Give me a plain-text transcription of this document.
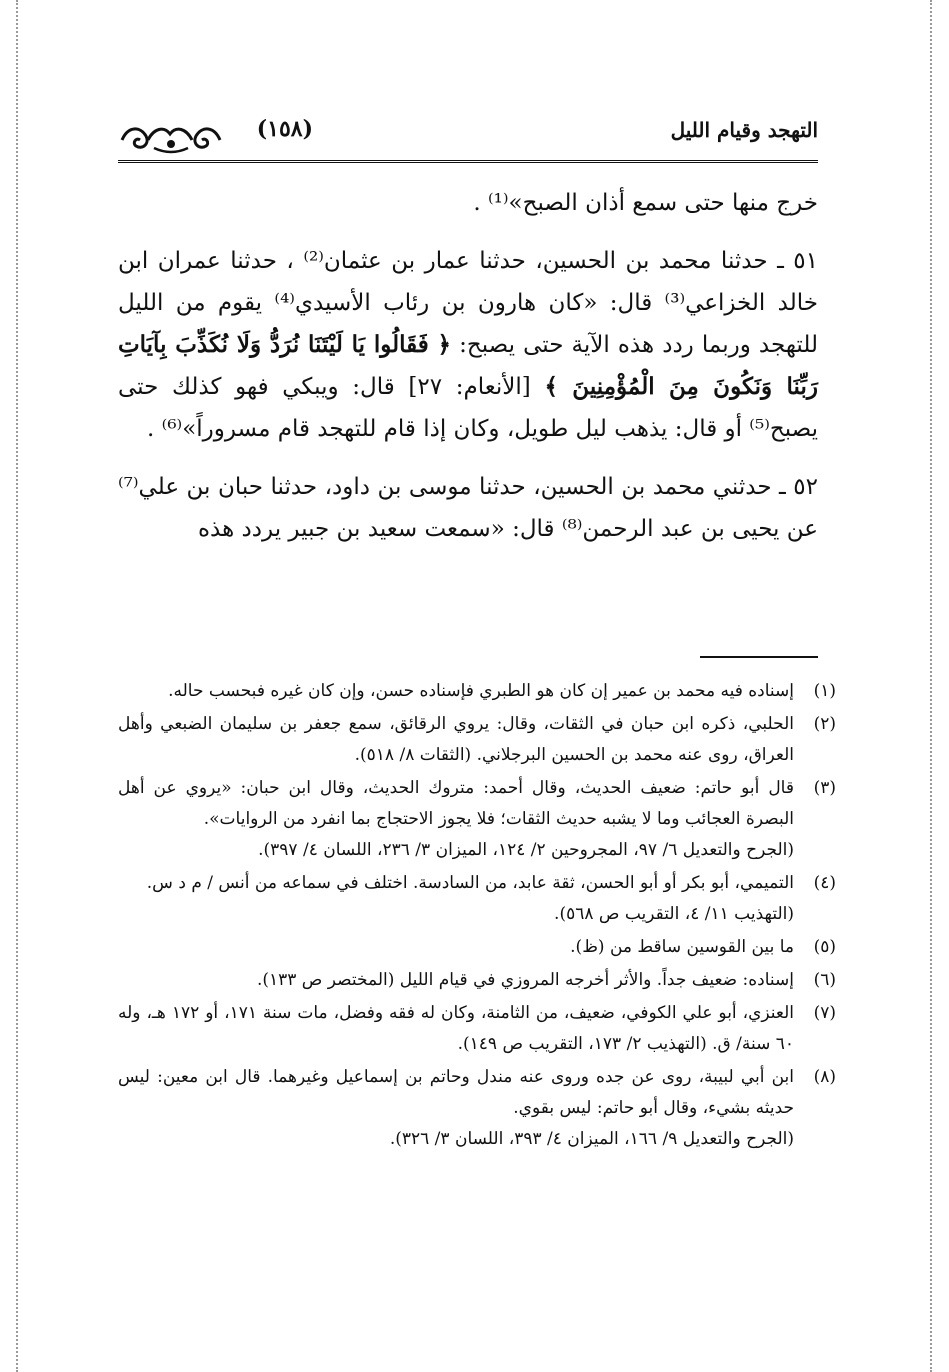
التهجد وقيام الليل
(١٥٨)

خرج منها حتى سمع أذان الصبح»⁽¹⁾ .

٥١ ـ حدثنا محمد بن الحسين، حدثنا عمار بن عثمان⁽²⁾ ، حدثنا عمران ابن خالد الخزاعي⁽³⁾ قال: «كان هارون بن رئاب الأسيدي⁽⁴⁾ يقوم من الليل للتهجد وربما ردد هذه الآية حتى يصبح: ﴿ فَقَالُوا يَا لَيْتَنَا نُرَدُّ وَلَا نُكَذِّبَ بِآيَاتِ رَبِّنَا وَنَكُونَ مِنَ الْمُؤْمِنِينَ ﴾ [الأنعام: ٢٧] قال: ويبكي فهو كذلك حتى يصبح⁽⁵⁾ أو قال: يذهب ليل طويل، وكان إذا قام للتهجد قام مسروراً»⁽⁶⁾ .

٥٢ ـ حدثني محمد بن الحسين، حدثنا موسى بن داود، حدثنا حبان بن علي⁽⁷⁾ عن يحيى بن عبد الرحمن⁽⁸⁾ قال: «سمعت سعيد بن جبير يردد هذه

(١)
إسناده فيه محمد بن عمير إن كان هو الطبري فإسناده حسن، وإن كان غيره فبحسب حاله.
(٢)
الحلبي، ذكره ابن حبان في الثقات، وقال: يروي الرقائق، سمع جعفر بن سليمان الضبعي وأهل العراق، روى عنه محمد بن الحسين البرجلاني. (الثقات ٨/ ٥١٨).
(٣)
قال أبو حاتم: ضعيف الحديث، وقال أحمد: متروك الحديث، وقال ابن حبان: «يروي عن أهل البصرة العجائب وما لا يشبه حديث الثقات؛ فلا يجوز الاحتجاج بما انفرد من الروايات».
(الجرح والتعديل ٦/ ٩٧، المجروحين ٢/ ١٢٤، الميزان ٣/ ٢٣٦، اللسان ٤/ ٣٩٧).
(٤)
التميمي، أبو بكر أو أبو الحسن، ثقة عابد، من السادسة. اختلف في سماعه من أنس / م د س.
(التهذيب ١١/ ٤، التقريب ص ٥٦٨).
(٥)
ما بين القوسين ساقط من (ظ).
(٦)
إسناده: ضعيف جداً. والأثر أخرجه المروزي في قيام الليل (المختصر ص ١٣٣).
(٧)
العنزي، أبو علي الكوفي، ضعيف، من الثامنة، وكان له فقه وفضل، مات سنة ١٧١، أو ١٧٢ هـ، وله ٦٠ سنة/ ق. (التهذيب ٢/ ١٧٣، التقريب ص ١٤٩).
(٨)
ابن أبي لبيبة، روى عن جده وروى عنه مندل وحاتم بن إسماعيل وغيرهما. قال ابن معين: ليس حديثه بشيء، وقال أبو حاتم: ليس بقوي.
(الجرح والتعديل ٩/ ١٦٦، الميزان ٤/ ٣٩٣، اللسان ٣/ ٣٢٦).
